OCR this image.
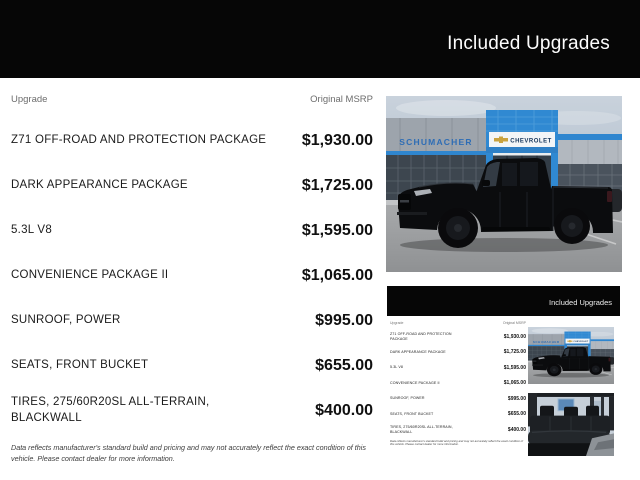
Included Upgrades
Upgrade	Original MSRP
Z71 OFF-ROAD AND PROTECTION PACKAGE $1,930.00
DARK APPEARANCE PACKAGE	$1,725.00
5.3L V8	$1,595.00
CONVENIENCE PACKAGE II	$1,065.00
SUNROOF, POWER	$995.00
SEATS, FRONT BUCKET	$655.00
TIRES, 275/60R20SL ALL-TERRAIN, BLACKWALL	$400.00
Data reflects manufacturer's standard build and pricing and may not accurately reflect the exact condition of this vehicle. Please contact dealer for more information.
Included Upgrades
Upgrade	Original MSRP
Z71 OFF-ROAD AND PROTECTION PACKAGE	$1,930.00
DARK APPEARANCE PACKAGE	$1,725.00
5.3L V8	$1,595.00
CONVENIENCE PACKAGE II	$1,065.00
SUNROOF, POWER	$995.00
SEATS, FRONT BUCKET	$655.00
TIRES, 275/60R20SL ALL-TERRAIN, BLACKWALL	$400.00
Data reflects manufacturer's standard build and pricing and may not accurately reflect the exact condition of this vehicle. Please contact dealer for more information.
